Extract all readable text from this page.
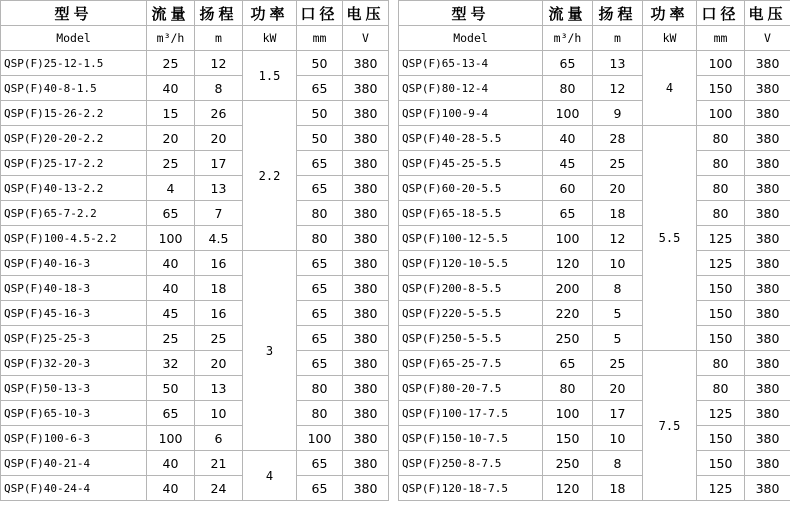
型号	流量	扬程	功率	口径	电压
Model	m³/h	m	kW	mm	V
QSP(F)25-12-1.5	25	12	1.5	50	380
QSP(F)40-8-1.5	40	8		65	380
QSP(F)15-26-2.2	15	26	2.2	50	380
QSP(F)20-20-2.2	20	20		50	380
QSP(F)25-17-2.2	25	17		65	380
QSP(F)40-13-2.2	4	13		65	380
QSP(F)65-7-2.2	65	7		80	380
QSP(F)100-4.5-2.2	100	4.5		80	380
QSP(F)40-16-3	40	16	3	65	380
QSP(F)40-18-3	40	18		65	380
QSP(F)45-16-3	45	16		65	380
QSP(F)25-25-3	25	25		65	380
QSP(F)32-20-3	32	20		65	380
QSP(F)50-13-3	50	13		80	380
QSP(F)65-10-3	65	10		80	380
QSP(F)100-6-3	100	6		100	380
QSP(F)40-21-4	40	21	4	65	380
QSP(F)40-24-4	40	24		65	380
型号	流量	扬程	功率	口径	电压
Model	m³/h	m	kW	mm	V
QSP(F)65-13-4	65	13	4	100	380
QSP(F)80-12-4	80	12		150	380
QSP(F)100-9-4	100	9		100	380
QSP(F)40-28-5.5	40	28	5.5	80	380
QSP(F)45-25-5.5	45	25		80	380
QSP(F)60-20-5.5	60	20		80	380
QSP(F)65-18-5.5	65	18		80	380
QSP(F)100-12-5.5	100	12		125	380
QSP(F)120-10-5.5	120	10		125	380
QSP(F)200-8-5.5	200	8		150	380
QSP(F)220-5-5.5	220	5		150	380
QSP(F)250-5-5.5	250	5		150	380
QSP(F)65-25-7.5	65	25	7.5	80	380
QSP(F)80-20-7.5	80	20		80	380
QSP(F)100-17-7.5	100	17		125	380
QSP(F)150-10-7.5	150	10		150	380
QSP(F)250-8-7.5	250	8		150	380
QSP(F)120-18-7.5	120	18		125	380
